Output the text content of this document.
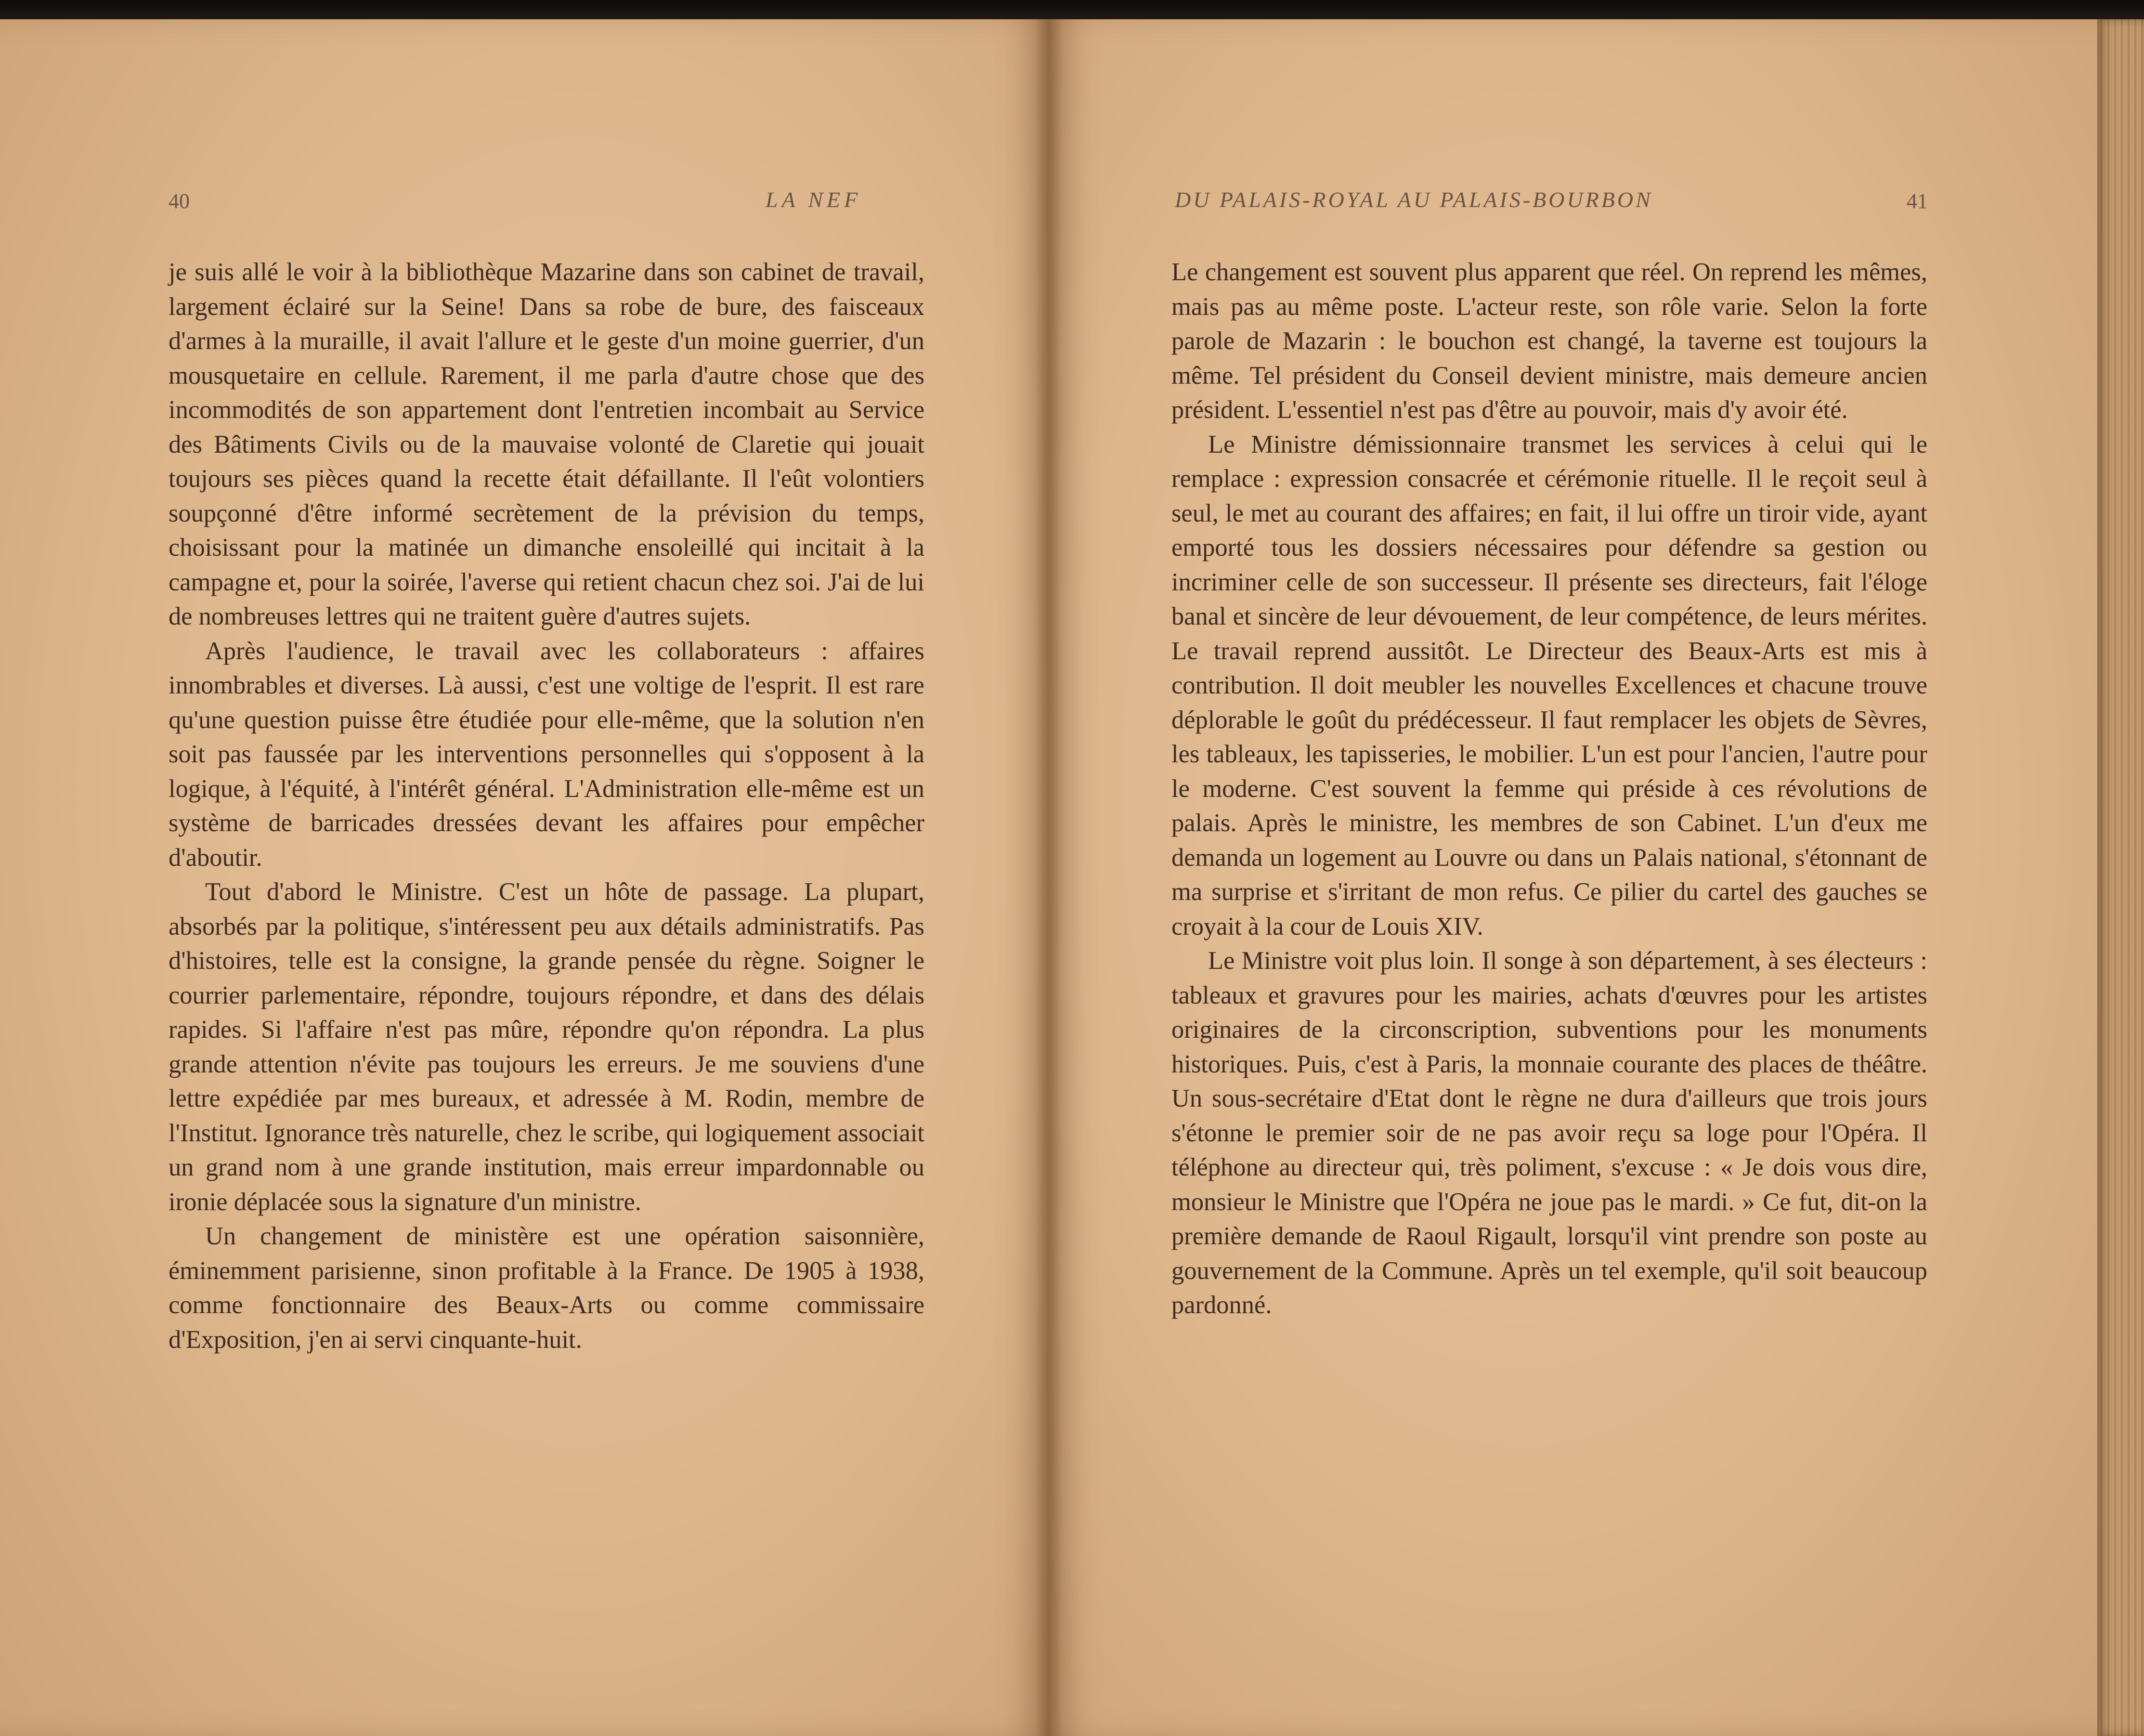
40	LA NEF

je suis allé le voir à la bibliothèque Mazarine dans son cabinet de travail, largement éclairé sur la Seine! Dans sa robe de bure, des faisceaux d'armes à la muraille, il avait l'allure et le geste d'un moine guerrier, d'un mousquetaire en cellule. Rarement, il me parla d'autre chose que des incommodités de son appartement dont l'entretien incombait au Service des Bâtiments Civils ou de la mauvaise volonté de Claretie qui jouait toujours ses pièces quand la recette était défaillante. Il l'eût volontiers soupçonné d'être informé secrètement de la prévision du temps, choisissant pour la matinée un dimanche ensoleillé qui incitait à la campagne et, pour la soirée, l'averse qui retient chacun chez soi. J'ai de lui de nombreuses lettres qui ne traitent guère d'autres sujets.

Après l'audience, le travail avec les collaborateurs : affaires innombrables et diverses. Là aussi, c'est une voltige de l'esprit. Il est rare qu'une question puisse être étudiée pour elle-même, que la solution n'en soit pas faussée par les interventions personnelles qui s'opposent à la logique, à l'équité, à l'intérêt général. L'Administration elle-même est un système de barricades dressées devant les affaires pour empêcher d'aboutir.

Tout d'abord le Ministre. C'est un hôte de passage. La plupart, absorbés par la politique, s'intéressent peu aux détails administratifs. Pas d'histoires, telle est la consigne, la grande pensée du règne. Soigner le courrier parlementaire, répondre, toujours répondre, et dans des délais rapides. Si l'affaire n'est pas mûre, répondre qu'on répondra. La plus grande attention n'évite pas toujours les erreurs. Je me souviens d'une lettre expédiée par mes bureaux, et adressée à M. Rodin, membre de l'Institut. Ignorance très naturelle, chez le scribe, qui logiquement associait un grand nom à une grande institution, mais erreur impardonnable ou ironie déplacée sous la signature d'un ministre.

Un changement de ministère est une opération saisonnière, éminemment parisienne, sinon profitable à la France. De 1905 à 1938, comme fonctionnaire des Beaux-Arts ou comme commissaire d'Exposition, j'en ai servi cinquante-huit.

DU PALAIS-ROYAL AU PALAIS-BOURBON	41

Le changement est souvent plus apparent que réel. On reprend les mêmes, mais pas au même poste. L'acteur reste, son rôle varie. Selon la forte parole de Mazarin : le bouchon est changé, la taverne est toujours la même. Tel président du Conseil devient ministre, mais demeure ancien président. L'essentiel n'est pas d'être au pouvoir, mais d'y avoir été.

Le Ministre démissionnaire transmet les services à celui qui le remplace : expression consacrée et cérémonie rituelle. Il le reçoit seul à seul, le met au courant des affaires; en fait, il lui offre un tiroir vide, ayant emporté tous les dossiers nécessaires pour défendre sa gestion ou incriminer celle de son successeur. Il présente ses directeurs, fait l'éloge banal et sincère de leur dévouement, de leur compétence, de leurs mérites. Le travail reprend aussitôt. Le Directeur des Beaux-Arts est mis à contribution. Il doit meubler les nouvelles Excellences et chacune trouve déplorable le goût du prédécesseur. Il faut remplacer les objets de Sèvres, les tableaux, les tapisseries, le mobilier. L'un est pour l'ancien, l'autre pour le moderne. C'est souvent la femme qui préside à ces révolutions de palais. Après le ministre, les membres de son Cabinet. L'un d'eux me demanda un logement au Louvre ou dans un Palais national, s'étonnant de ma surprise et s'irritant de mon refus. Ce pilier du cartel des gauches se croyait à la cour de Louis XIV.

Le Ministre voit plus loin. Il songe à son département, à ses électeurs : tableaux et gravures pour les mairies, achats d'œuvres pour les artistes originaires de la circonscription, subventions pour les monuments historiques. Puis, c'est à Paris, la monnaie courante des places de théâtre. Un sous-secrétaire d'Etat dont le règne ne dura d'ailleurs que trois jours s'étonne le premier soir de ne pas avoir reçu sa loge pour l'Opéra. Il téléphone au directeur qui, très poliment, s'excuse : « Je dois vous dire, monsieur le Ministre que l'Opéra ne joue pas le mardi. » Ce fut, dit-on la première demande de Raoul Rigault, lorsqu'il vint prendre son poste au gouvernement de la Commune. Après un tel exemple, qu'il soit beaucoup pardonné.
